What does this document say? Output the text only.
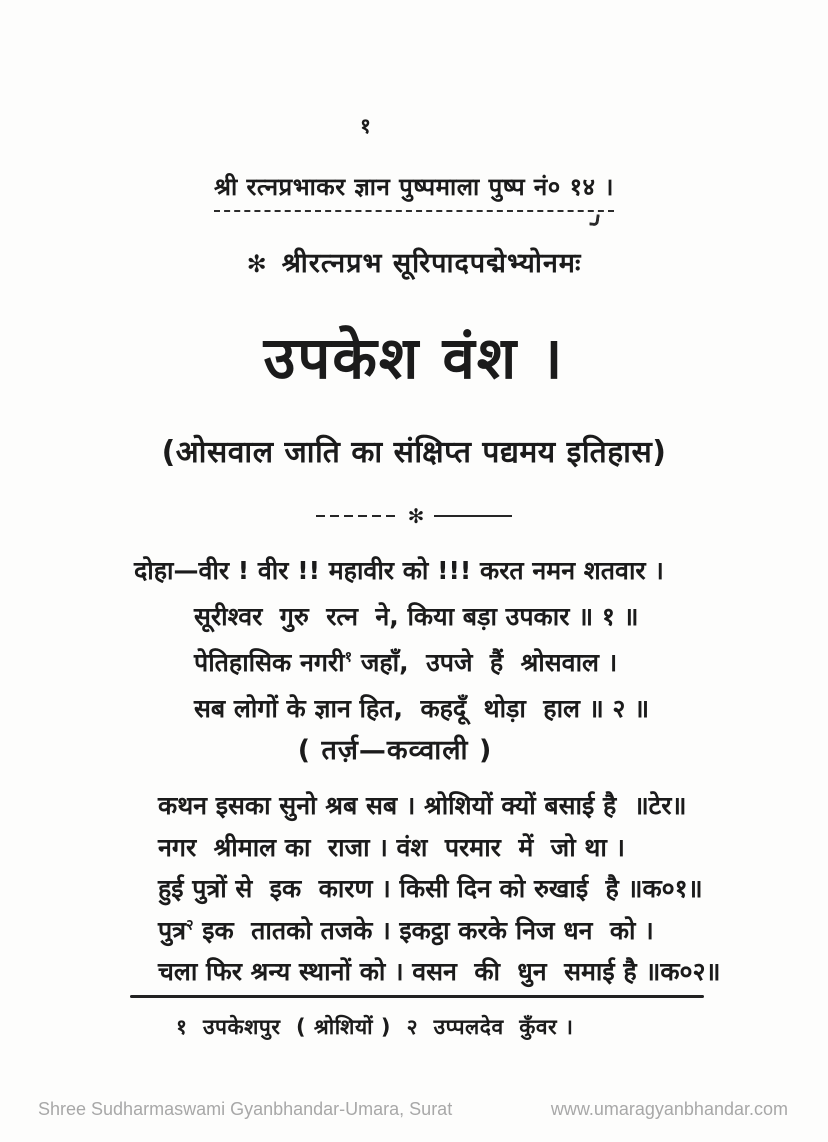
१
श्री रत्नप्रभाकर ज्ञान पुष्पमाला पुष्प नं० १४ ।
✻ श्रीरत्नप्रभ सूरिपादपद्मेभ्योनमः
उपकेश वंश ।
(ओसवाल जाति का संक्षिप्त पद्यमय इतिहास)
✻
दोहा—वीर ! वीर !! महावीर को !!! करत नमन शतवार ।
सूरीश्वर  गुरु  रत्न  ने, किया बड़ा उपकार ॥ १ ॥
पेतिहासिक नगरी$^१$ जहाँ,  उपजे  हैं  श्रोसवाल ।
सब लोगों के ज्ञान हित,  कहदूँ  थोड़ा  हाल ॥ २ ॥
( तर्ज़—कव्वाली )
कथन इसका सुनो श्रब सब । श्रोशियों क्यों बसाई है  ॥टेर॥
नगर  श्रीमाल का  राजा । वंश  परमार  में  जो था ।
हुई पुत्रों से  इक  कारण । किसी दिन को रुखाई  है ॥क०१॥
पुत्र$^२$ इक  तातको तजके । इकट्ठा करके निज धन  को ।
चला फिर श्रन्य स्थानों को । वसन  की  धुन  समाई है ॥क०२॥
१  उपकेशपुर  ( श्रोशियों )  २  उप्पलदेव  कुँवर ।
Shree Sudharmaswami Gyanbhandar-Umara, Surat	www.umaragyanbhandar.com
